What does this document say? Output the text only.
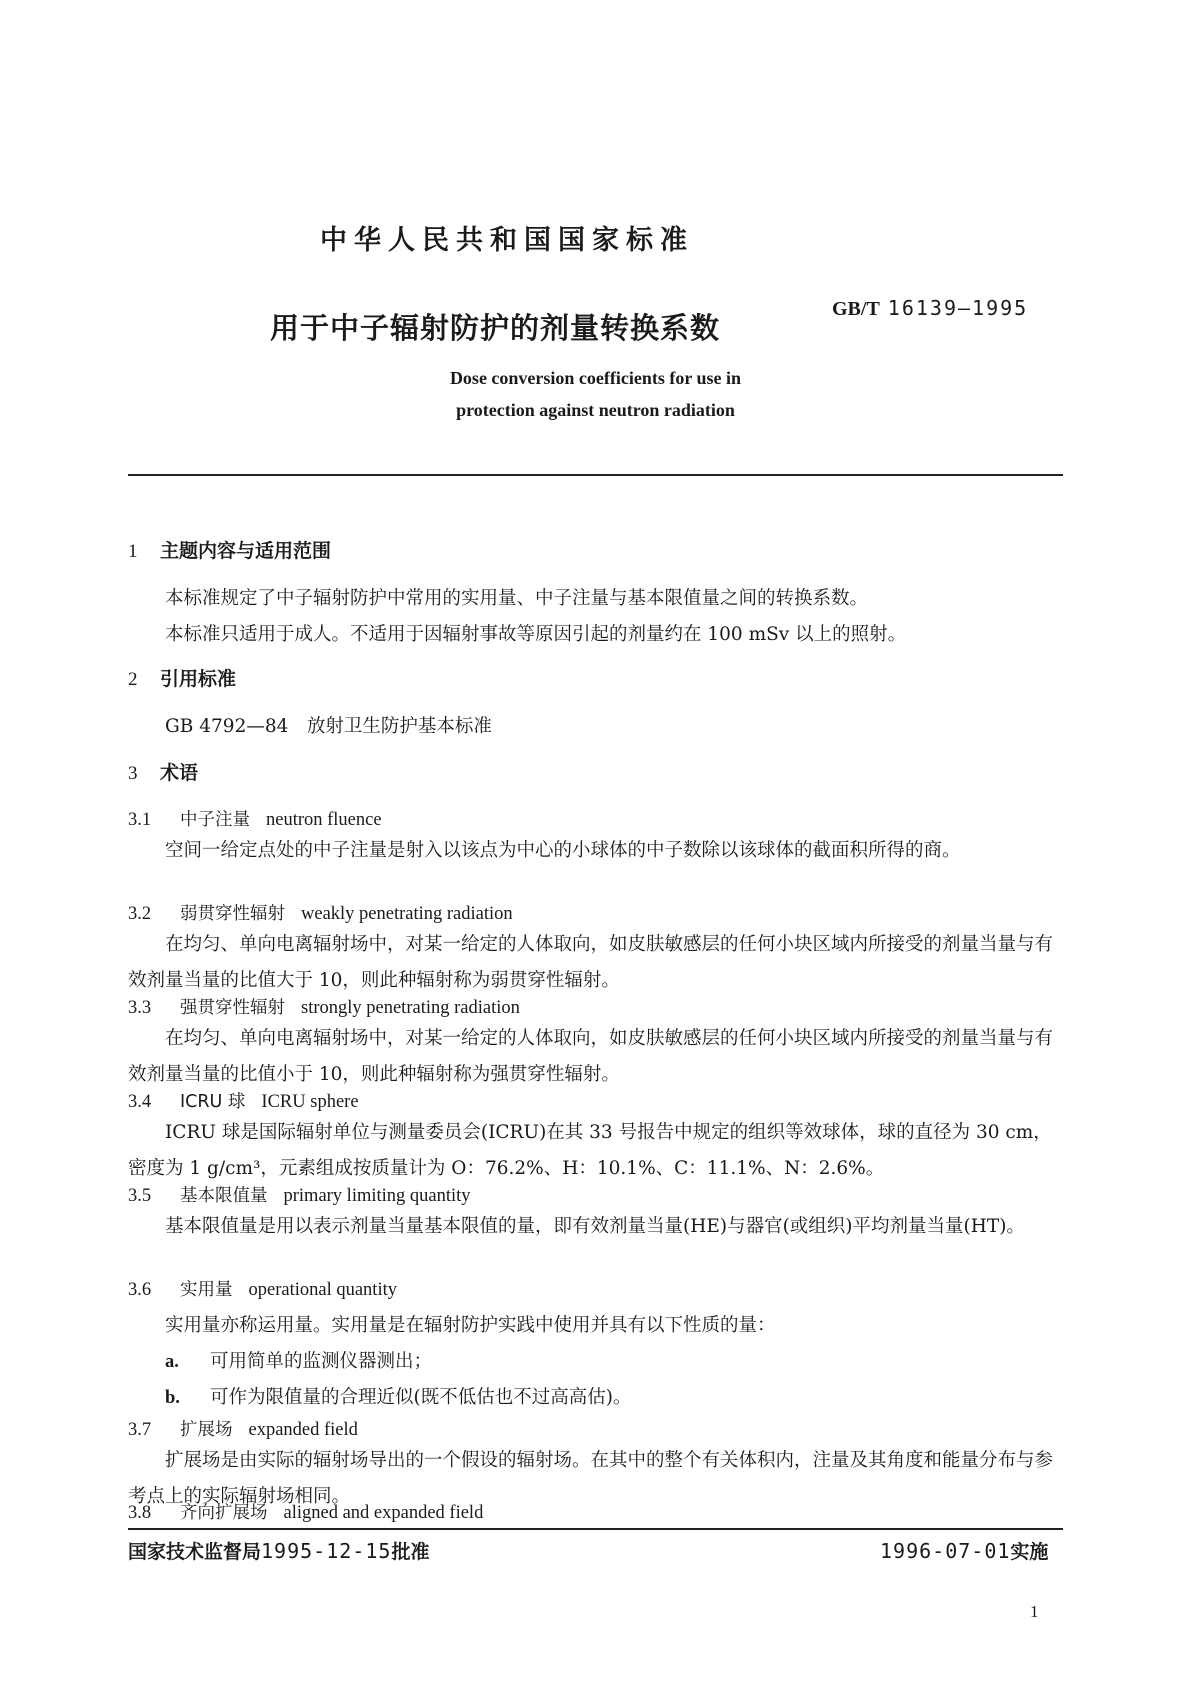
中华人民共和国国家标准
用于中子辐射防护的剂量转换系数
GB/T 16139—1995
Dose conversion coefficients for use in
protection against neutron radiation
1 主题内容与适用范围
本标准规定了中子辐射防护中常用的实用量、中子注量与基本限值量之间的转换系数。
本标准只适用于成人。不适用于因辐射事故等原因引起的剂量约在 100 mSv 以上的照射。
2 引用标准
GB 4792—84　放射卫生防护基本标准
3 术语
3.1 中子注量 neutron fluence
空间一给定点处的中子注量是射入以该点为中心的小球体的中子数除以该球体的截面积所得的商。
3.2 弱贯穿性辐射 weakly penetrating radiation
在均匀、单向电离辐射场中，对某一给定的人体取向，如皮肤敏感层的任何小块区域内所接受的剂量当量与有效剂量当量的比值大于 10，则此种辐射称为弱贯穿性辐射。
3.3 强贯穿性辐射 strongly penetrating radiation
在均匀、单向电离辐射场中，对某一给定的人体取向，如皮肤敏感层的任何小块区域内所接受的剂量当量与有效剂量当量的比值小于 10，则此种辐射称为强贯穿性辐射。
3.4 ICRU 球 ICRU sphere
ICRU 球是国际辐射单位与测量委员会(ICRU)在其 33 号报告中规定的组织等效球体，球的直径为 30 cm，密度为 1 g/cm³，元素组成按质量计为 O：76.2%、H：10.1%、C：11.1%、N：2.6%。
3.5 基本限值量 primary limiting quantity
基本限值量是用以表示剂量当量基本限值的量，即有效剂量当量(HE)与器官(或组织)平均剂量当量(HT)。
3.6 实用量 operational quantity
实用量亦称运用量。实用量是在辐射防护实践中使用并具有以下性质的量：
a. 可用简单的监测仪器测出；
b. 可作为限值量的合理近似(既不低估也不过高高估)。
3.7 扩展场 expanded field
扩展场是由实际的辐射场导出的一个假设的辐射场。在其中的整个有关体积内，注量及其角度和能量分布与参考点上的实际辐射场相同。
3.8 齐向扩展场 aligned and expanded field
国家技术监督局1995-12-15批准	1996-07-01实施
1
